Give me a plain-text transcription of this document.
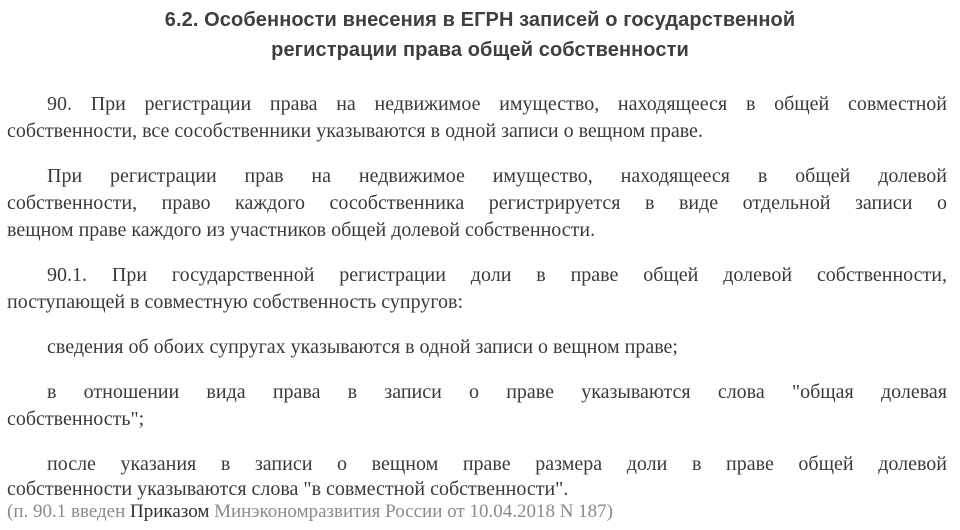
6.2. Особенности внесения в ЕГРН записей о государственной
регистрации права общей собственности
90. При регистрации права на недвижимое имущество, находящееся в общей совместной
собственности, все сособственники указываются в одной записи о вещном праве.
При регистрации прав на недвижимое имущество, находящееся в общей долевой
собственности, право каждого сособственника регистрируется в виде отдельной записи о
вещном праве каждого из участников общей долевой собственности.
90.1. При государственной регистрации доли в праве общей долевой собственности,
поступающей в совместную собственность супругов:
сведения об обоих супругах указываются в одной записи о вещном праве;
в отношении вида права в записи о праве указываются слова "общая долевая
собственность";
после указания в записи о вещном праве размера доли в праве общей долевой
собственности указываются слова "в совместной собственности".
(п. 90.1 введен Приказом Минэкономразвития России от 10.04.2018 N 187)
